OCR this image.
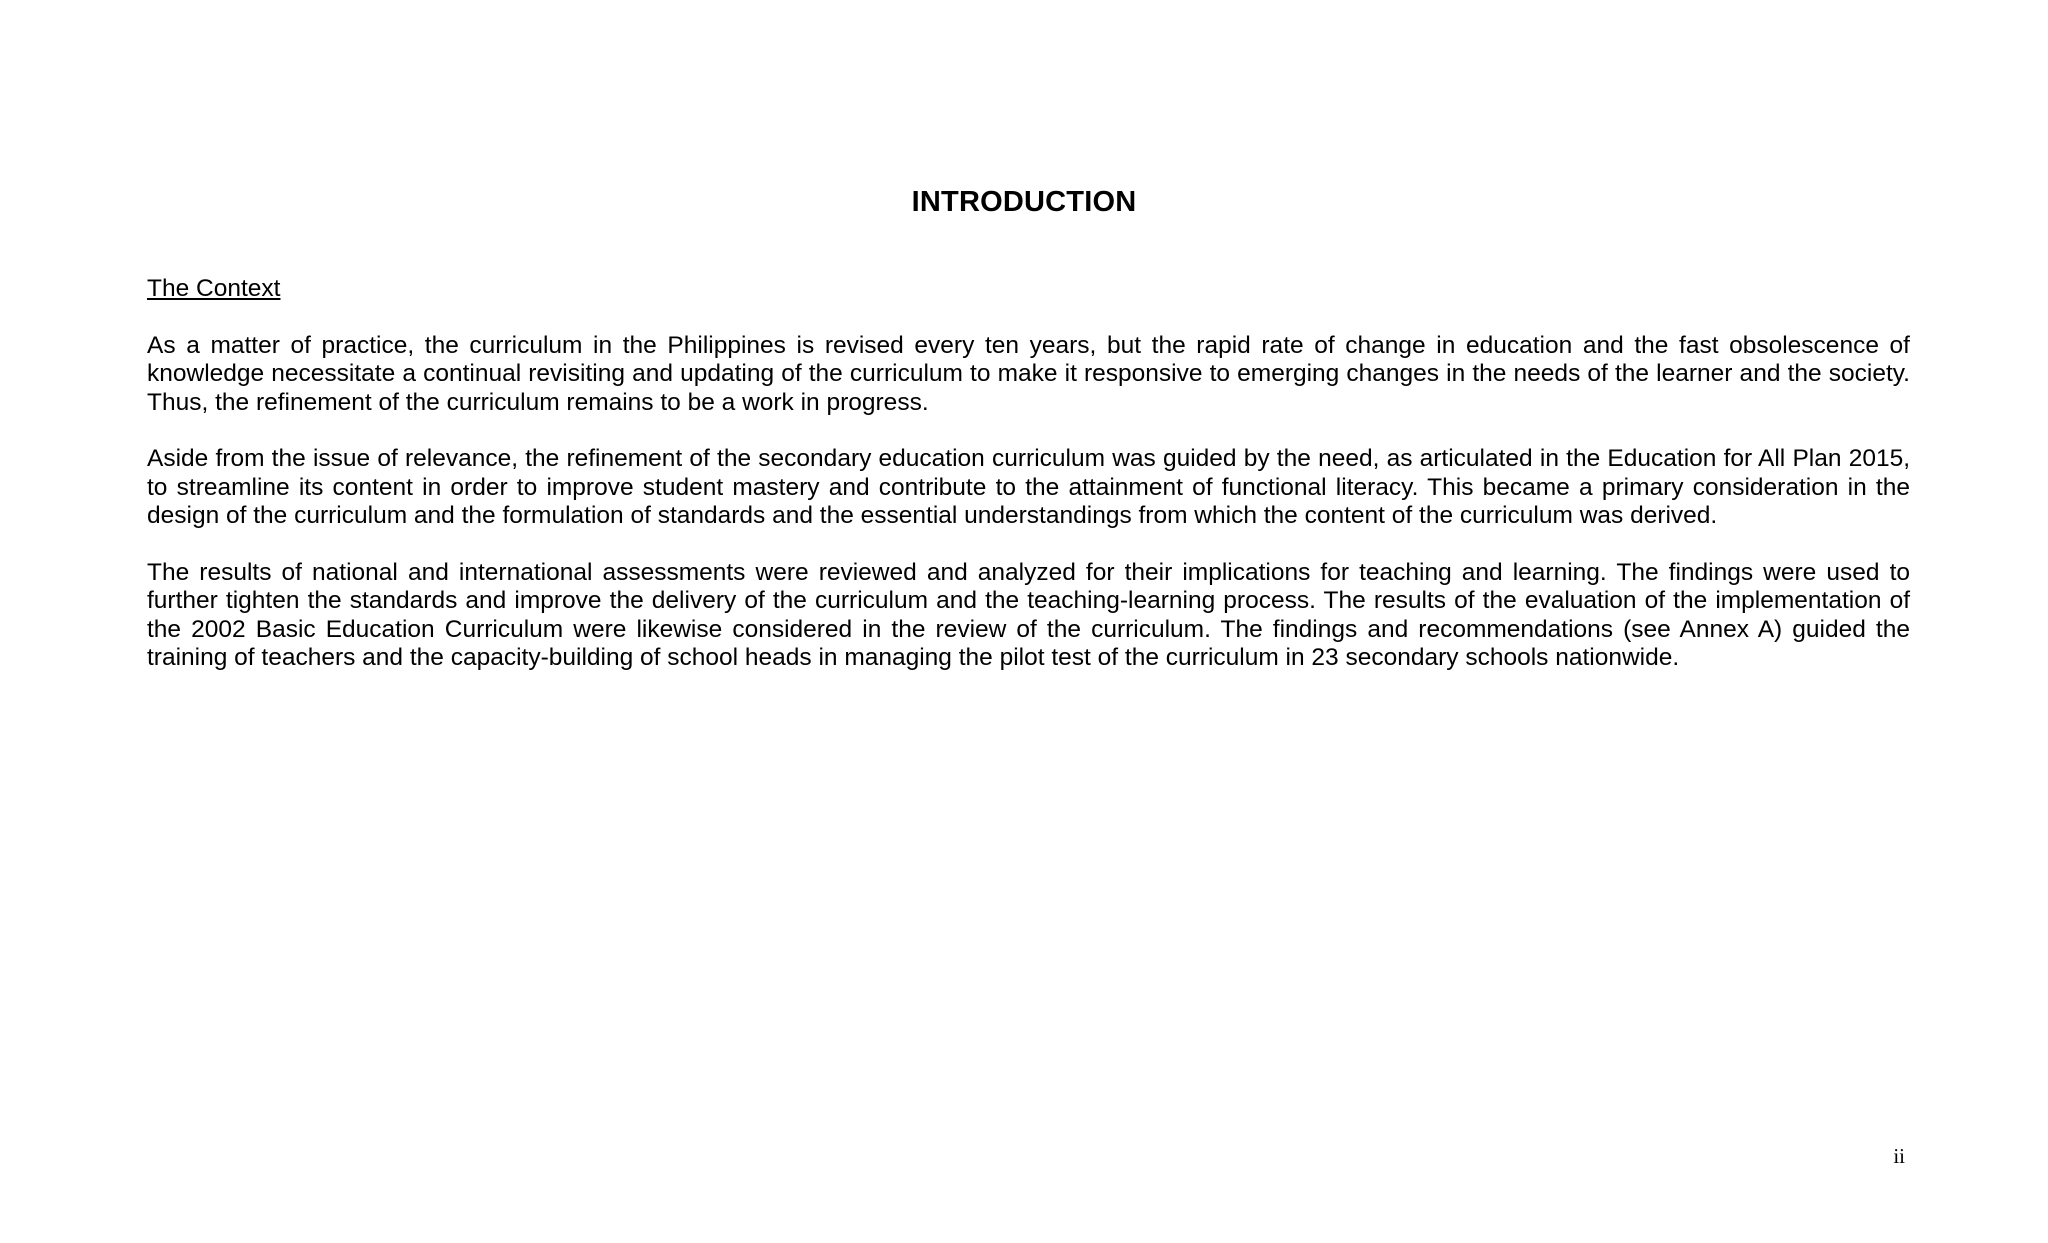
INTRODUCTION
The Context

As a matter of practice, the curriculum in the Philippines is revised every ten years, but the rapid rate of change in education and the fast obsolescence of knowledge necessitate a continual revisiting and updating of the curriculum to make it responsive to emerging changes in the needs of the learner and the society. Thus, the refinement of the curriculum remains to be a work in progress.

Aside from the issue of relevance, the refinement of the secondary education curriculum was guided by the need, as articulated in the Education for All Plan 2015, to streamline its content in order to improve student mastery and contribute to the attainment of functional literacy. This became a primary consideration in the design of the curriculum and the formulation of standards and the essential understandings from which the content of the curriculum was derived.

The results of national and international assessments were reviewed and analyzed for their implications for teaching and learning. The findings were used to further tighten the standards and improve the delivery of the curriculum and the teaching-learning process. The results of the evaluation of the implementation of the 2002 Basic Education Curriculum were likewise considered in the review of the curriculum. The findings and recommendations (see Annex A) guided the training of teachers and the capacity-building of school heads in managing the pilot test of the curriculum in 23 secondary schools nationwide.

ii
